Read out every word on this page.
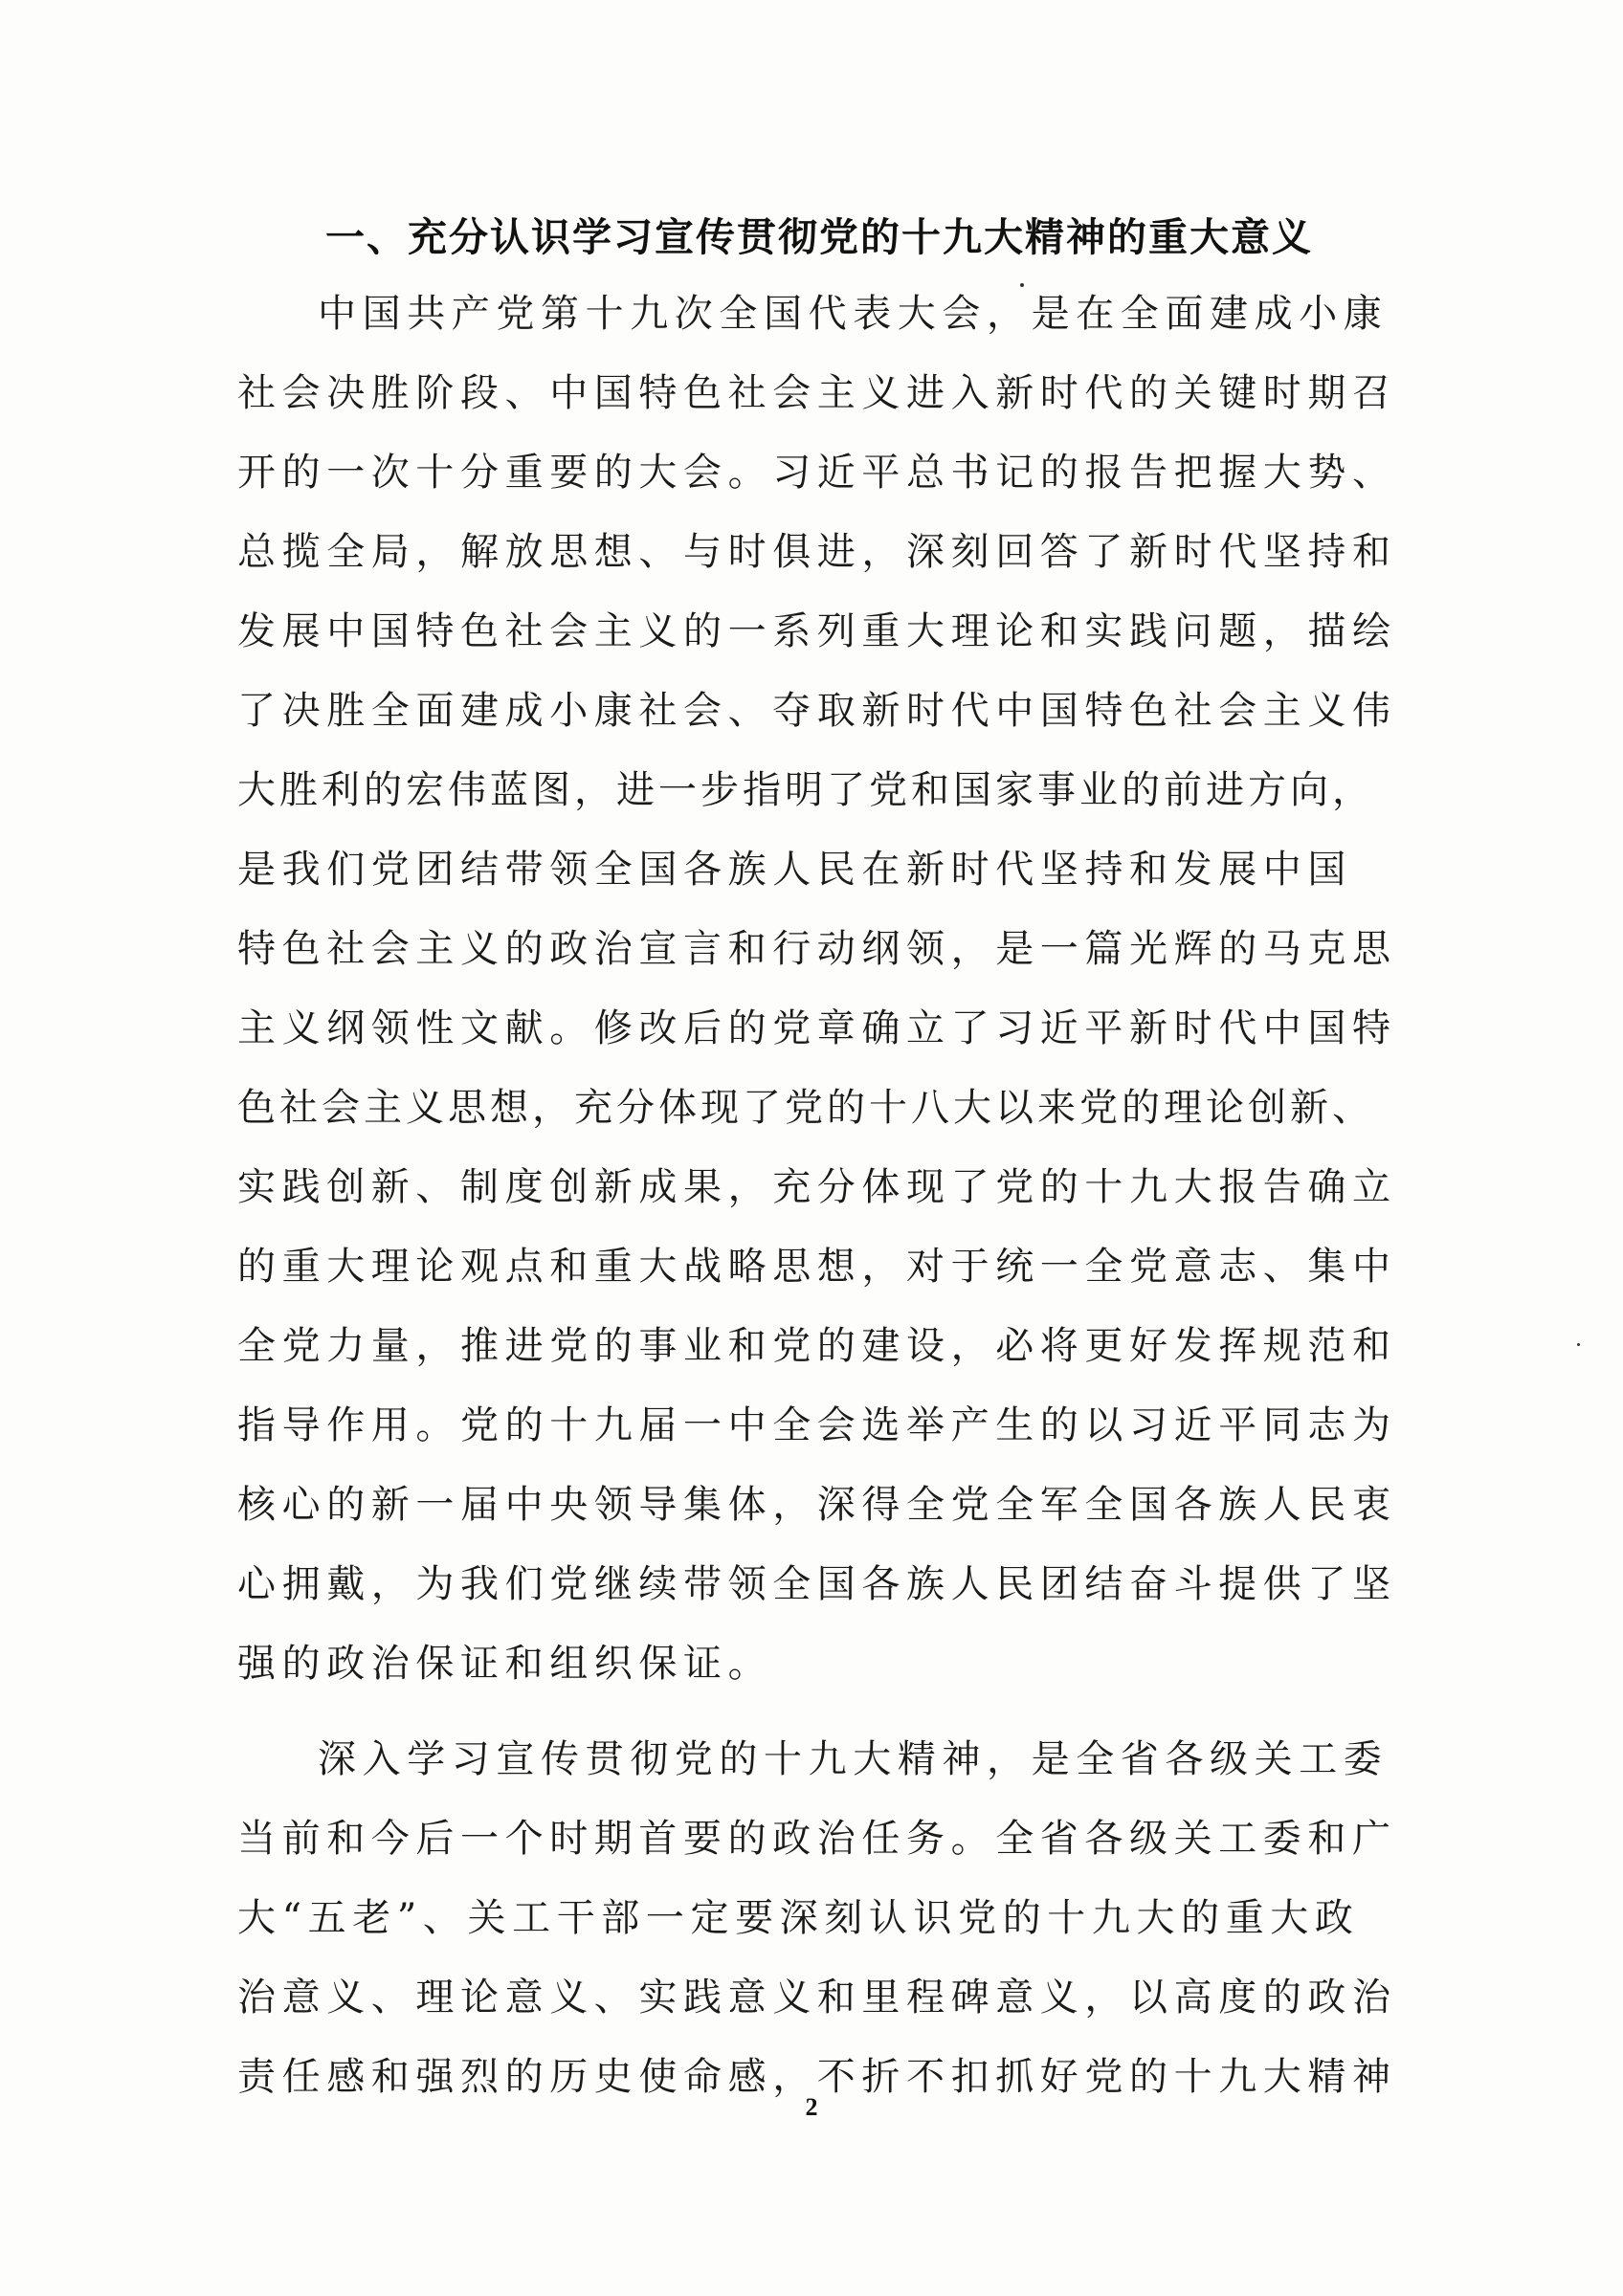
一、充分认识学习宣传贯彻党的十九大精神的重大意义
中国共产党第十九次全国代表大会，是在全面建成小康
社会决胜阶段、中国特色社会主义进入新时代的关键时期召
开的一次十分重要的大会。习近平总书记的报告把握大势、
总揽全局，解放思想、与时俱进，深刻回答了新时代坚持和
发展中国特色社会主义的一系列重大理论和实践问题，描绘
了决胜全面建成小康社会、夺取新时代中国特色社会主义伟
大胜利的宏伟蓝图，进一步指明了党和国家事业的前进方向，
是我们党团结带领全国各族人民在新时代坚持和发展中国
特色社会主义的政治宣言和行动纲领，是一篇光辉的马克思
主义纲领性文献。修改后的党章确立了习近平新时代中国特
色社会主义思想，充分体现了党的十八大以来党的理论创新、
实践创新、制度创新成果，充分体现了党的十九大报告确立
的重大理论观点和重大战略思想，对于统一全党意志、集中
全党力量，推进党的事业和党的建设，必将更好发挥规范和
指导作用。党的十九届一中全会选举产生的以习近平同志为
核心的新一届中央领导集体，深得全党全军全国各族人民衷
心拥戴，为我们党继续带领全国各族人民团结奋斗提供了坚
强的政治保证和组织保证。
深入学习宣传贯彻党的十九大精神，是全省各级关工委
当前和今后一个时期首要的政治任务。全省各级关工委和广
大“五老”、关工干部一定要深刻认识党的十九大的重大政
治意义、理论意义、实践意义和里程碑意义，以高度的政治
责任感和强烈的历史使命感，不折不扣抓好党的十九大精神
2
